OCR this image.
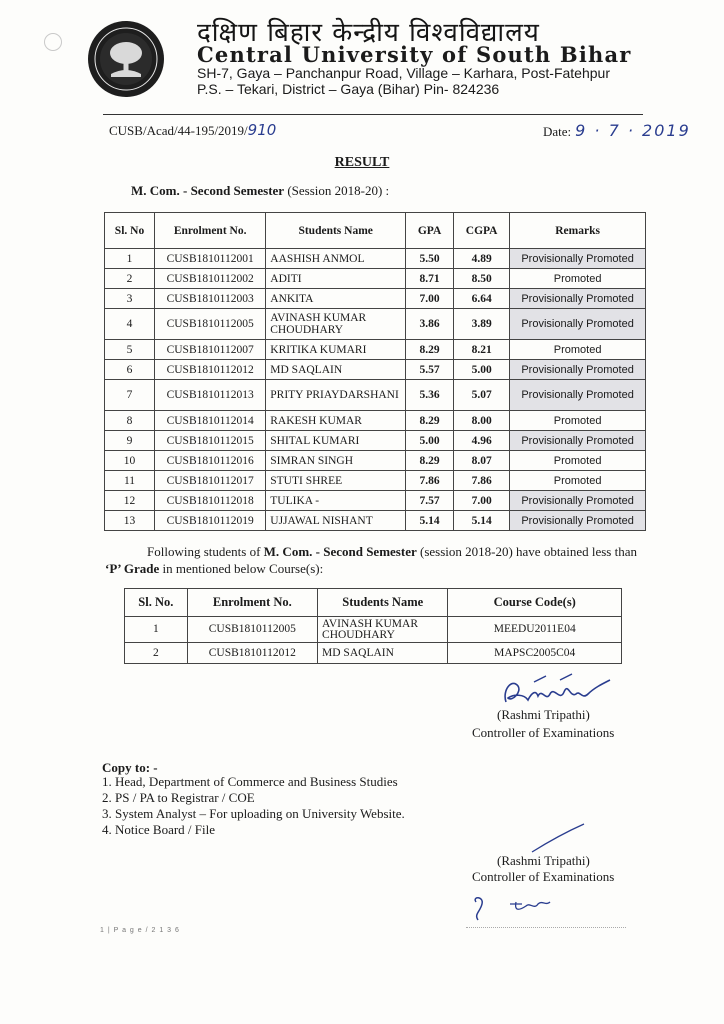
दक्षिण बिहार केन्द्रीय विश्वविद्यालय
Central University of South Bihar
SH-7, Gaya – Panchanpur Road, Village – Karhara, Post-Fatehpur
P.S. – Tekari, District – Gaya (Bihar) Pin- 824236
CUSB/Acad/44-195/2019/910	Date: 9 · 7 · 2019
RESULT
M. Com. - Second Semester (Session 2018-20) :
Sl. No	Enrolment No.	Students Name	GPA	CGPA	Remarks
1	CUSB1810112001	AASHISH ANMOL	5.50	4.89	Provisionally Promoted
2	CUSB1810112002	ADITI	8.71	8.50	Promoted
3	CUSB1810112003	ANKITA	7.00	6.64	Provisionally Promoted
4	CUSB1810112005	AVINASH KUMAR CHOUDHARY	3.86	3.89	Provisionally Promoted
5	CUSB1810112007	KRITIKA KUMARI	8.29	8.21	Promoted
6	CUSB1810112012	MD SAQLAIN	5.57	5.00	Provisionally Promoted
7	CUSB1810112013	PRITY PRIAYDARSHANI	5.36	5.07	Provisionally Promoted
8	CUSB1810112014	RAKESH KUMAR	8.29	8.00	Promoted
9	CUSB1810112015	SHITAL KUMARI	5.00	4.96	Provisionally Promoted
10	CUSB1810112016	SIMRAN SINGH	8.29	8.07	Promoted
11	CUSB1810112017	STUTI SHREE	7.86	7.86	Promoted
12	CUSB1810112018	TULIKA -	7.57	7.00	Provisionally Promoted
13	CUSB1810112019	UJJAWAL NISHANT	5.14	5.14	Provisionally Promoted
Following students of M. Com. - Second Semester (session 2018-20) have obtained less than ‘P’ Grade in mentioned below Course(s):
Sl. No.	Enrolment No.	Students Name	Course Code(s)
1	CUSB1810112005	AVINASH KUMAR CHOUDHARY	MEEDU2011E04
2	CUSB1810112012	MD SAQLAIN	MAPSC2005C04
(Rashmi Tripathi)
Controller of Examinations
Copy to: -
1. Head, Department of Commerce and Business Studies
2. PS / PA to Registrar / COE
3. System Analyst – For uploading on University Website.
4. Notice Board / File
(Rashmi Tripathi)
Controller of Examinations
1 | P a g e / 2 1 3 6
